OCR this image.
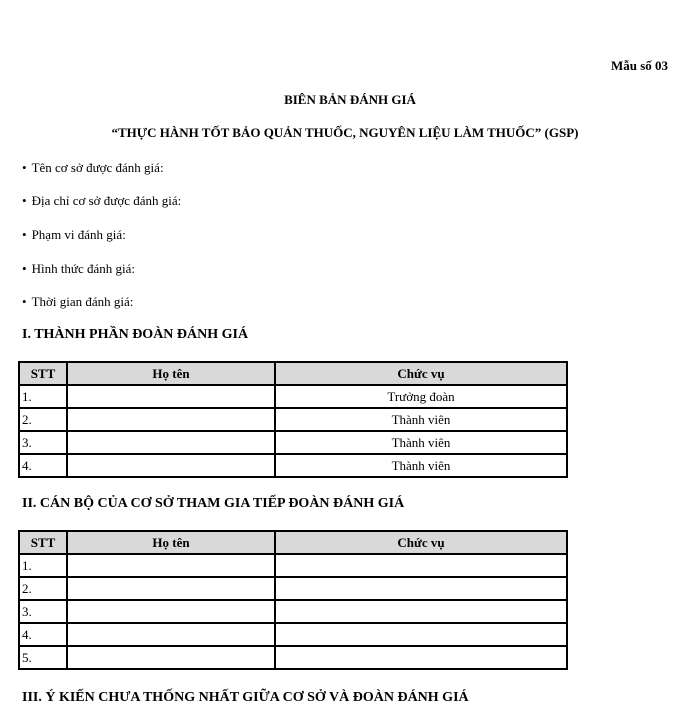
Mẫu số 03
BIÊN BẢN ĐÁNH GIÁ
“THỰC HÀNH TỐT BẢO QUẢN THUỐC, NGUYÊN LIỆU LÀM THUỐC” (GSP)
• Tên cơ sở được đánh giá:
• Địa chỉ cơ sở được đánh giá:
• Phạm vi đánh giá:
• Hình thức đánh giá:
• Thời gian đánh giá:
I. THÀNH PHẦN ĐOÀN ĐÁNH GIÁ
STT	Họ tên	Chức vụ
1.		Trưởng đoàn
2.		Thành viên
3.		Thành viên
4.		Thành viên
II. CÁN BỘ CỦA CƠ SỞ THAM GIA TIẾP ĐOÀN ĐÁNH GIÁ
STT	Họ tên	Chức vụ
1.		
2.		
3.		
4.		
5.		
III. Ý KIẾN CHƯA THỐNG NHẤT GIỮA CƠ SỞ VÀ ĐOÀN ĐÁNH GIÁ
